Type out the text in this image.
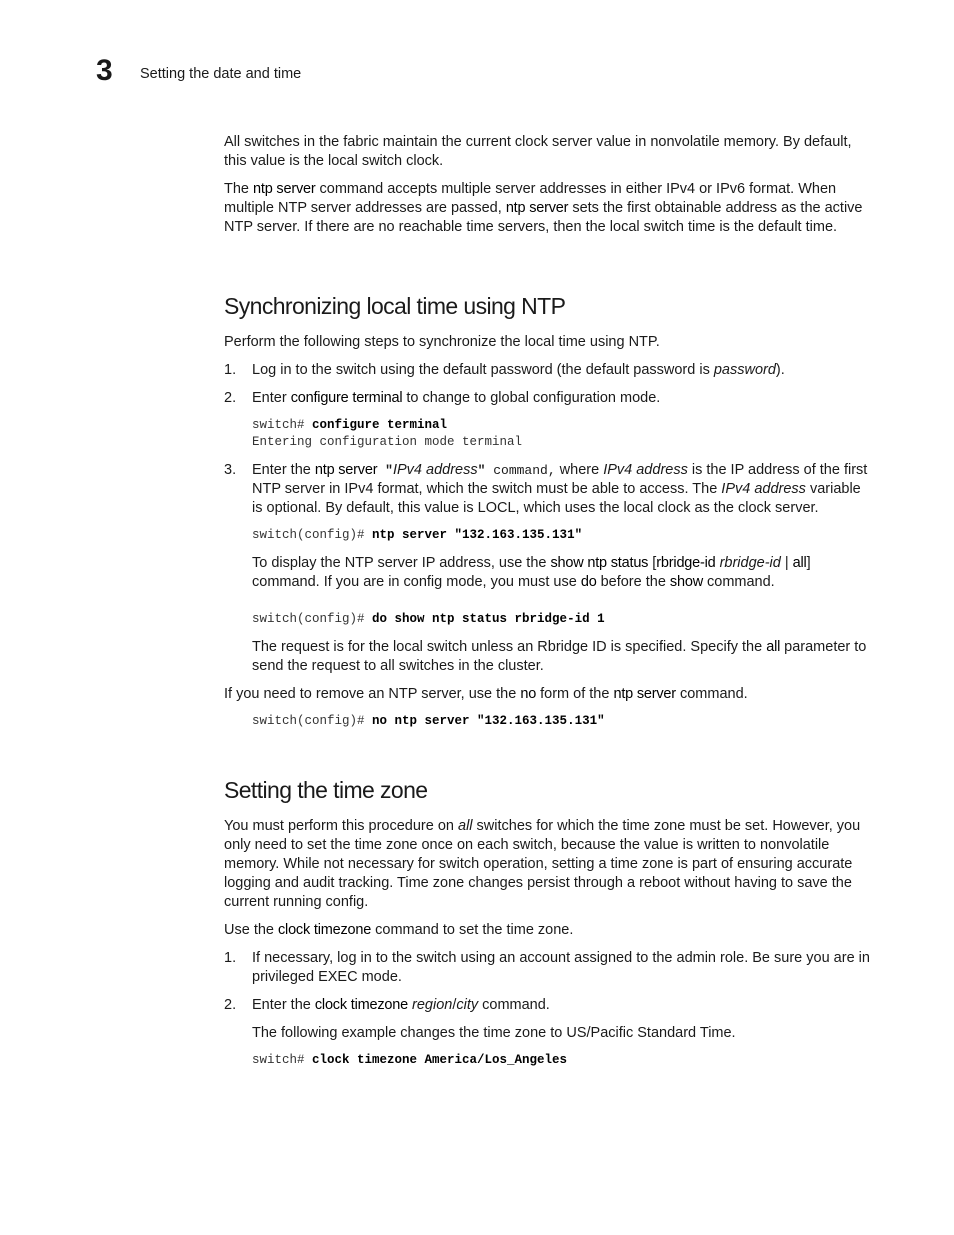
3 Setting the date and time

All switches in the fabric maintain the current clock server value in nonvolatile memory. By default, this value is the local switch clock.

The ntp server command accepts multiple server addresses in either IPv4 or IPv6 format. When multiple NTP server addresses are passed, ntp server sets the first obtainable address as the active NTP server. If there are no reachable time servers, then the local switch time is the default time.

Synchronizing local time using NTP

Perform the following steps to synchronize the local time using NTP.

1.	Log in to the switch using the default password (the default password is password).
2.	Enter configure terminal to change to global configuration mode.
switch# configure terminal
Entering configuration mode terminal
3.	Enter the ntp server "IPv4 address" command, where IPv4 address is the IP address of the first NTP server in IPv4 format, which the switch must be able to access. The IPv4 address variable is optional. By default, this value is LOCL, which uses the local clock as the clock server.
switch(config)# ntp server "132.163.135.131"

To display the NTP server IP address, use the show ntp status [rbridge-id rbridge-id | all] command. If you are in config mode, you must use do before the show command.

switch(config)# do show ntp status rbridge-id 1

The request is for the local switch unless an Rbridge ID is specified. Specify the all parameter to send the request to all switches in the cluster.

If you need to remove an NTP server, use the no form of the ntp server command.

switch(config)# no ntp server "132.163.135.131"
Setting the time zone

You must perform this procedure on all switches for which the time zone must be set. However, you only need to set the time zone once on each switch, because the value is written to nonvolatile memory. While not necessary for switch operation, setting a time zone is part of ensuring accurate logging and audit tracking. Time zone changes persist through a reboot without having to save the current running config.

Use the clock timezone command to set the time zone.

1.	If necessary, log in to the switch using an account assigned to the admin role. Be sure you are in privileged EXEC mode.
2.	Enter the clock timezone region/city command.

The following example changes the time zone to US/Pacific Standard Time.

switch# clock timezone America/Los_Angeles
